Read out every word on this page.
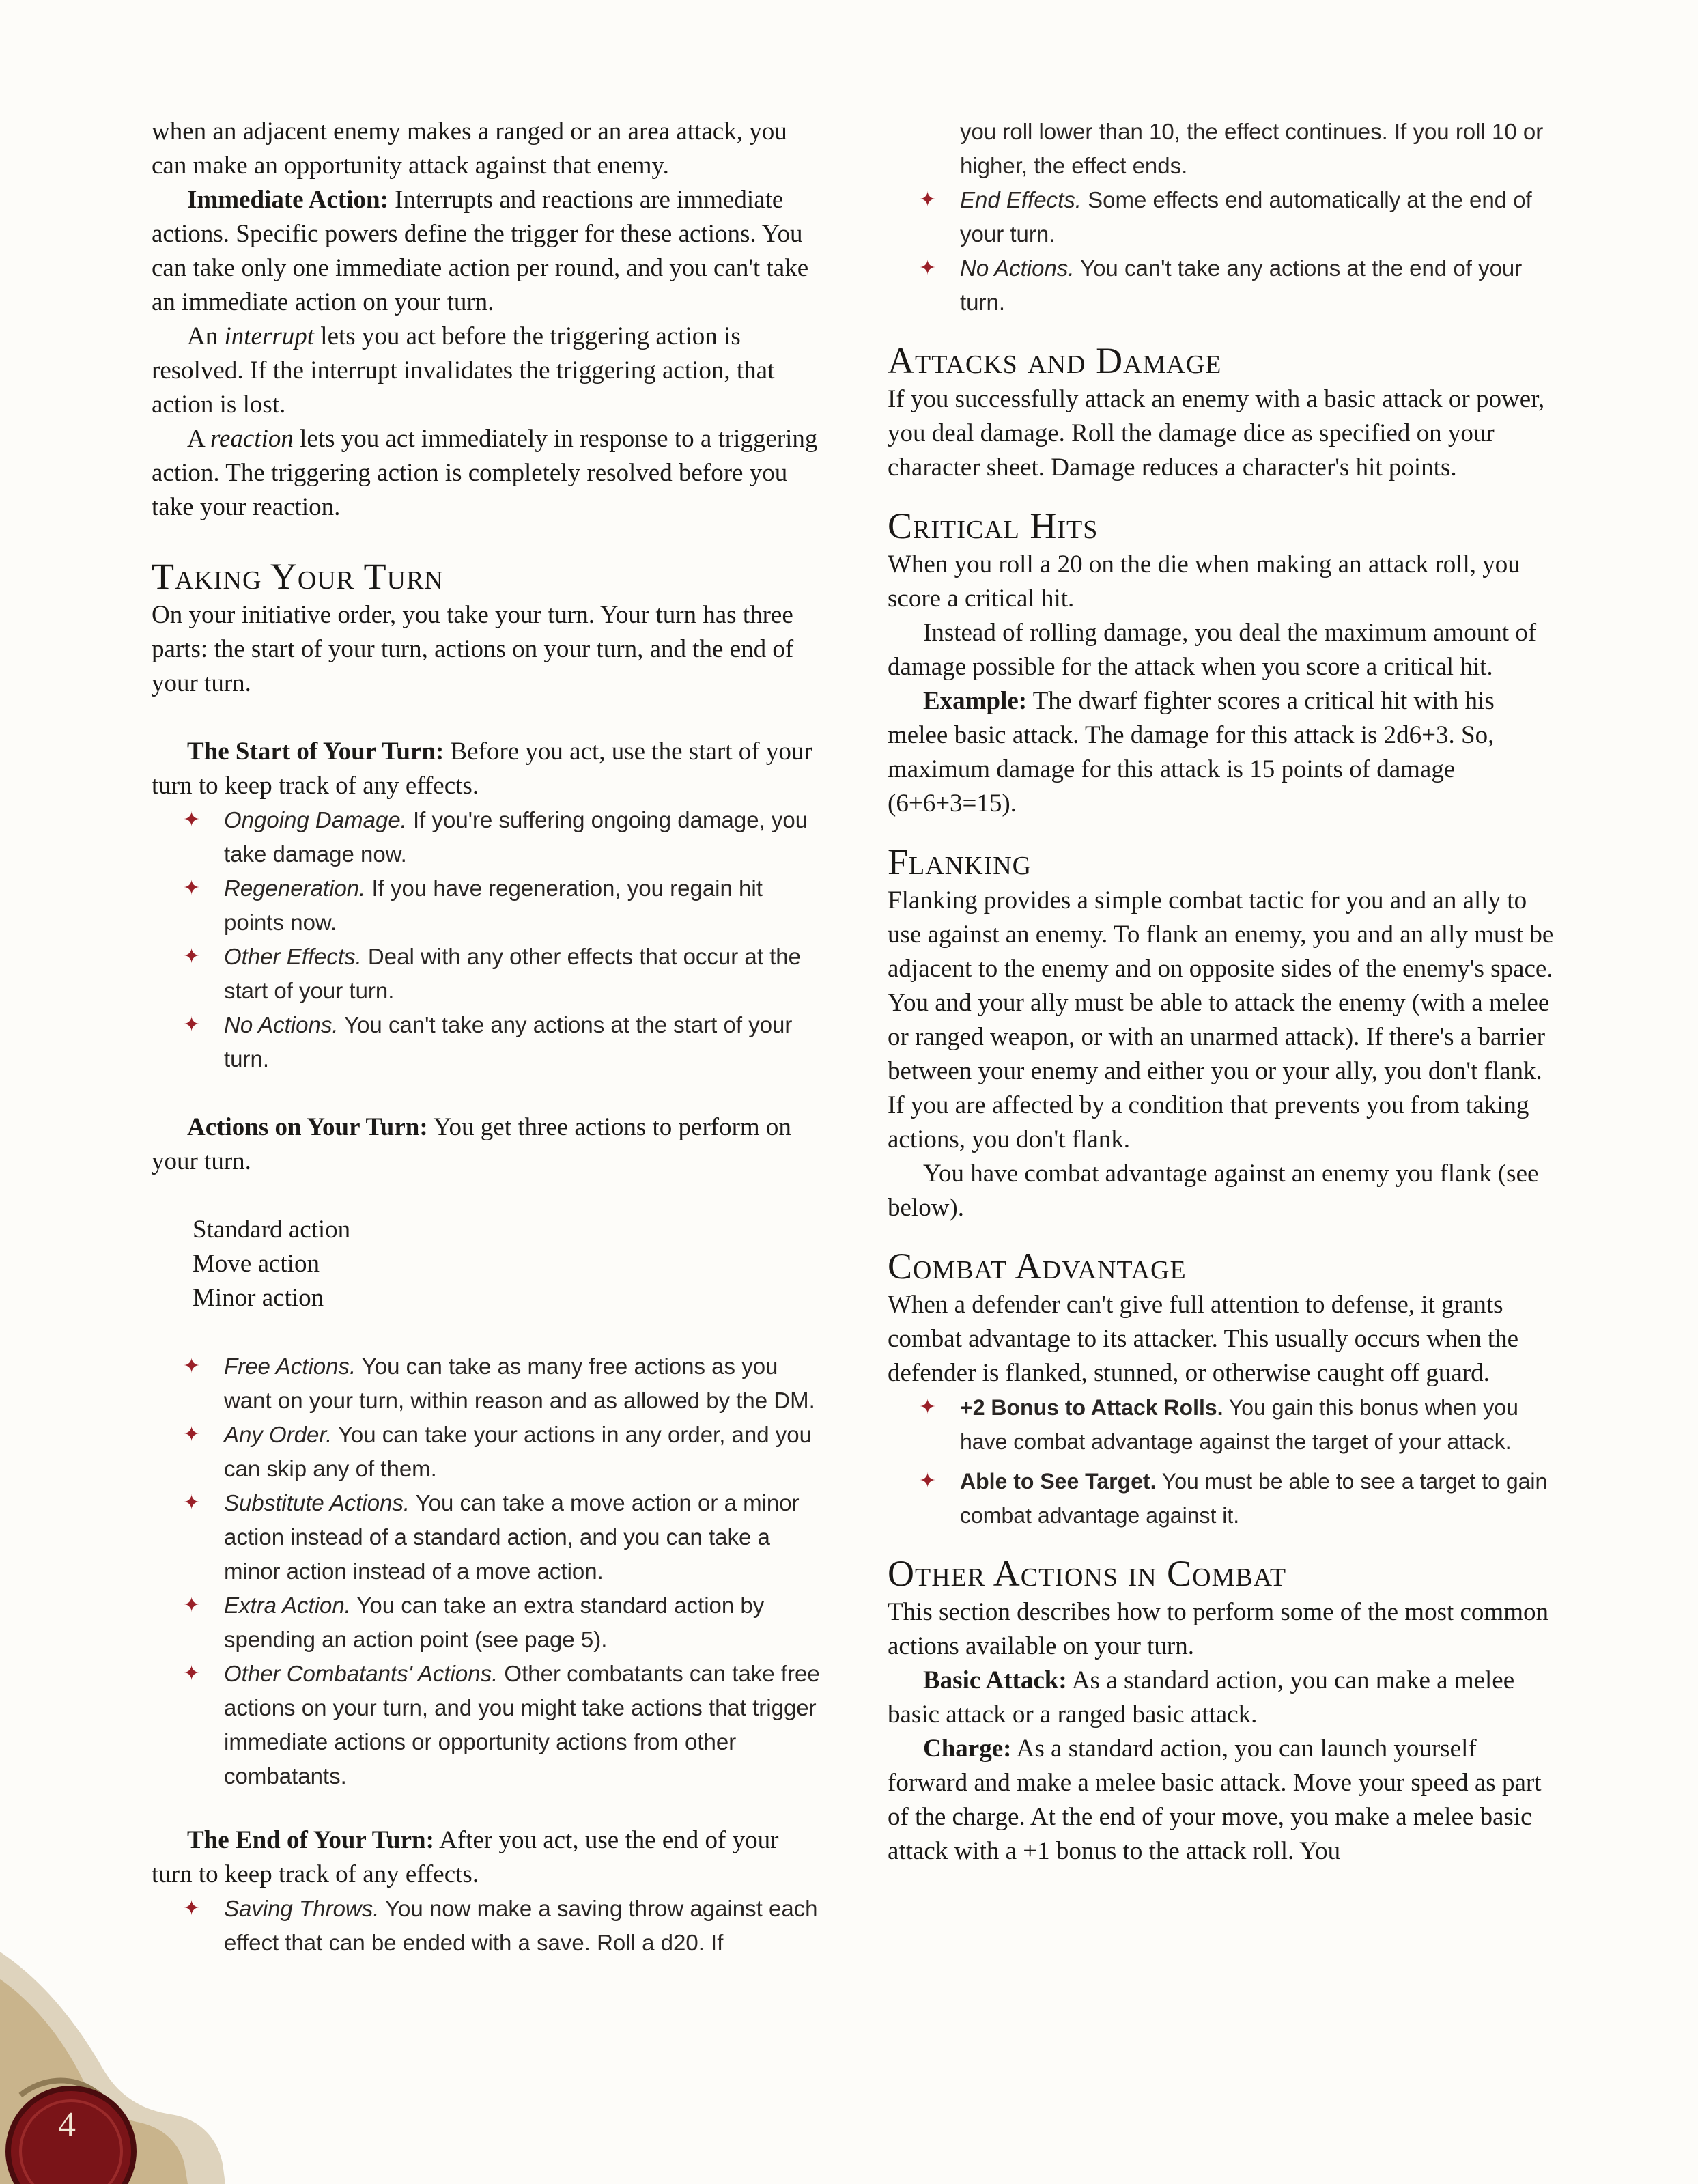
when an adjacent enemy makes a ranged or an area attack, you can make an opportunity attack against that enemy.

Immediate Action: Interrupts and reactions are immediate actions. Specific powers define the trigger for these actions. You can take only one immediate action per round, and you can't take an immediate action on your turn.

An interrupt lets you act before the triggering action is resolved. If the interrupt invalidates the triggering action, that action is lost.

A reaction lets you act immediately in response to a triggering action. The triggering action is completely resolved before you take your reaction.

Taking Your Turn

On your initiative order, you take your turn. Your turn has three parts: the start of your turn, actions on your turn, and the end of your turn.

The Start of Your Turn: Before you act, use the start of your turn to keep track of any effects.

✦ Ongoing Damage. If you're suffering ongoing damage, you take damage now.
✦ Regeneration. If you have regeneration, you regain hit points now.
✦ Other Effects. Deal with any other effects that occur at the start of your turn.
✦ No Actions. You can't take any actions at the start of your turn.

Actions on Your Turn: You get three actions to perform on your turn.

Standard action

Move action

Minor action

✦ Free Actions. You can take as many free actions as you want on your turn, within reason and as allowed by the DM.
✦ Any Order. You can take your actions in any order, and you can skip any of them.
✦ Substitute Actions. You can take a move action or a minor action instead of a standard action, and you can take a minor action instead of a move action.
✦ Extra Action. You can take an extra standard action by spending an action point (see page 5).
✦ Other Combatants' Actions. Other combatants can take free actions on your turn, and you might take actions that trigger immediate actions or opportunity actions from other combatants.

The End of Your Turn: After you act, use the end of your turn to keep track of any effects.

✦ Saving Throws. You now make a saving throw against each effect that can be ended with a save. Roll a d20. If
you roll lower than 10, the effect continues. If you roll 10 or higher, the effect ends.
✦ End Effects. Some effects end automatically at the end of your turn.
✦ No Actions. You can't take any actions at the end of your turn.
Attacks and Damage

If you successfully attack an enemy with a basic attack or power, you deal damage. Roll the damage dice as specified on your character sheet. Damage reduces a character's hit points.

Critical Hits

When you roll a 20 on the die when making an attack roll, you score a critical hit.

Instead of rolling damage, you deal the maximum amount of damage possible for the attack when you score a critical hit.

Example: The dwarf fighter scores a critical hit with his melee basic attack. The damage for this attack is 2d6+3. So, maximum damage for this attack is 15 points of damage (6+6+3=15).

Flanking

Flanking provides a simple combat tactic for you and an ally to use against an enemy. To flank an enemy, you and an ally must be adjacent to the enemy and on opposite sides of the enemy's space. You and your ally must be able to attack the enemy (with a melee or ranged weapon, or with an unarmed attack). If there's a barrier between your enemy and either you or your ally, you don't flank. If you are affected by a condition that prevents you from taking actions, you don't flank.

You have combat advantage against an enemy you flank (see below).

Combat Advantage

When a defender can't give full attention to defense, it grants combat advantage to its attacker. This usually occurs when the defender is flanked, stunned, or otherwise caught off guard.

✦ +2 Bonus to Attack Rolls. You gain this bonus when you have combat advantage against the target of your attack.
✦ Able to See Target. You must be able to see a target to gain combat advantage against it.
Other Actions in Combat

This section describes how to perform some of the most common actions available on your turn.

Basic Attack: As a standard action, you can make a melee basic attack or a ranged basic attack.

Charge: As a standard action, you can launch yourself forward and make a melee basic attack. Move your speed as part of the charge. At the end of your move, you make a melee basic attack with a +1 bonus to the attack roll. You

4
